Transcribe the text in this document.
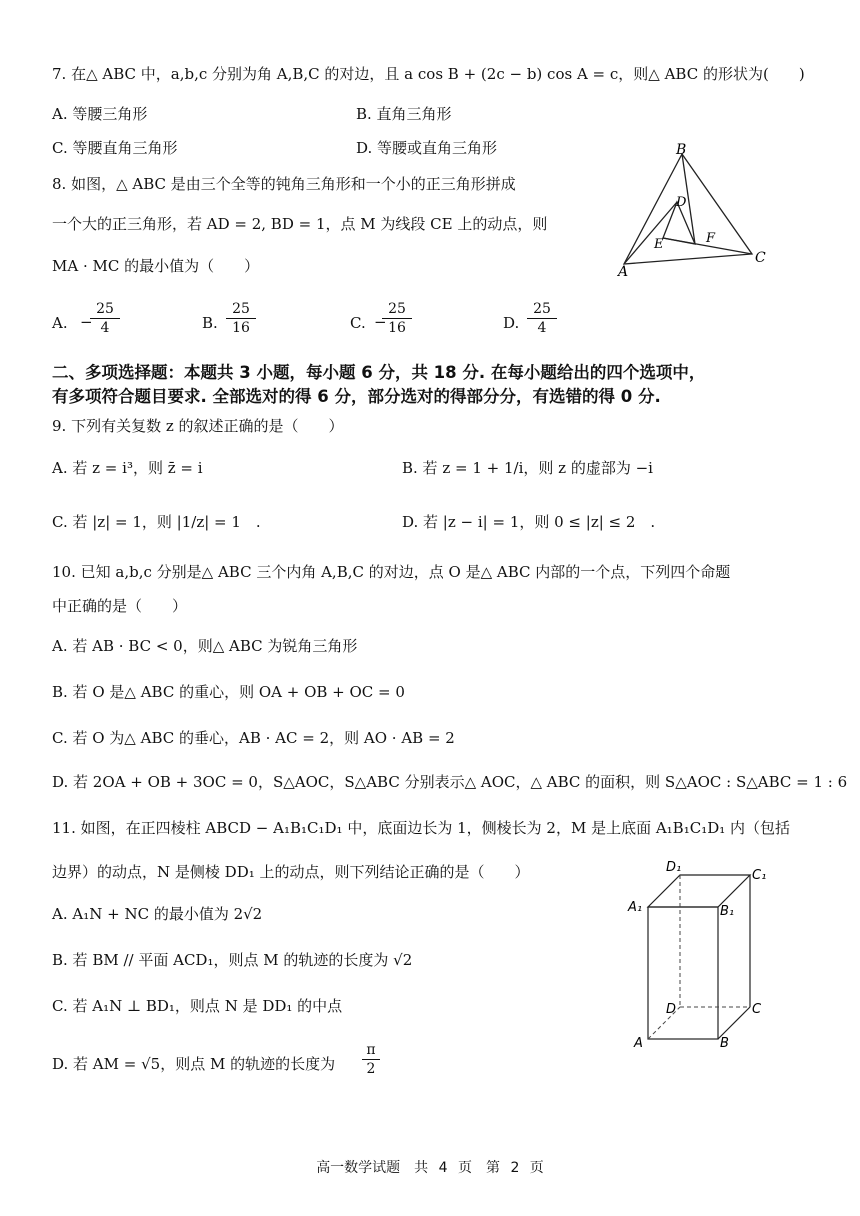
7. 在△ ABC 中，a,b,c 分别为角 A,B,C 的对边，且 a cos B + (2c − b) cos A = c，则△ ABC 的形状为(　　)
A. 等腰三角形	B. 直角三角形
C. 等腰直角三角形	D. 等腰或直角三角形
8. 如图，△ ABC 是由三个全等的钝角三角形和一个小的正三角形拼成
一个大的正三角形，若 AD = 2, BD = 1，点 M 为线段 CE 上的动点，则
MA · MC 的最小值为（　　）
B
A
C
D
E	F
A. −
$\frac{25}{4}$	B. $\frac{25}{16}$	C. −
$\frac{25}{16}$	D. $\frac{25}{4}$
二、多项选择题：本题共 3 小题，每小题 6 分，共 18 分. 在每小题给出的四个选项中，
有多项符合题目要求. 全部选对的得 6 分，部分选对的得部分分，有选错的得 0 分.
9. 下列有关复数 z 的叙述正确的是（　　）
A. 若 z = i³，则 z̄ = i	B. 若 z = 1 + 1/i，则 z 的虚部为 −i
C. 若 |z| = 1，则 |1/z| = 1　.	D. 若 |z − i| = 1，则 0 ≤ |z| ≤ 2　.
10. 已知 a,b,c 分别是△ ABC 三个内角 A,B,C 的对边，点 O 是△ ABC 内部的一个点，下列四个命题
中正确的是（　　）
A. 若 AB · BC < 0，则△ ABC 为锐角三角形
B. 若 O 是△ ABC 的重心，则 OA + OB + OC = 0
C. 若 O 为△ ABC 的垂心，AB · AC = 2，则 AO · AB = 2
D. 若 2OA + OB + 3OC = 0，S△AOC，S△ABC 分别表示△ AOC，△ ABC 的面积，则 S△AOC : S△ABC = 1 : 6
11. 如图，在正四棱柱 ABCD − A₁B₁C₁D₁ 中，底面边长为 1，侧棱长为 2，M 是上底面 A₁B₁C₁D₁ 内（包括
边界）的动点，N 是侧棱 DD₁ 上的动点，则下列结论正确的是（　　）
A. A₁N + NC 的最小值为 2√2
B. 若 BM // 平面 ACD₁，则点 M 的轨迹的长度为 √2
C. 若 A₁N ⊥ BD₁，则点 N 是 DD₁ 的中点
D. 若 AM = √5，则点 M 的轨迹的长度为 $\frac{\pi}{2}$
D₁
C₁
A₁	B₁
D	C
A	B
高一数学试题　共 4 页　第 2 页
